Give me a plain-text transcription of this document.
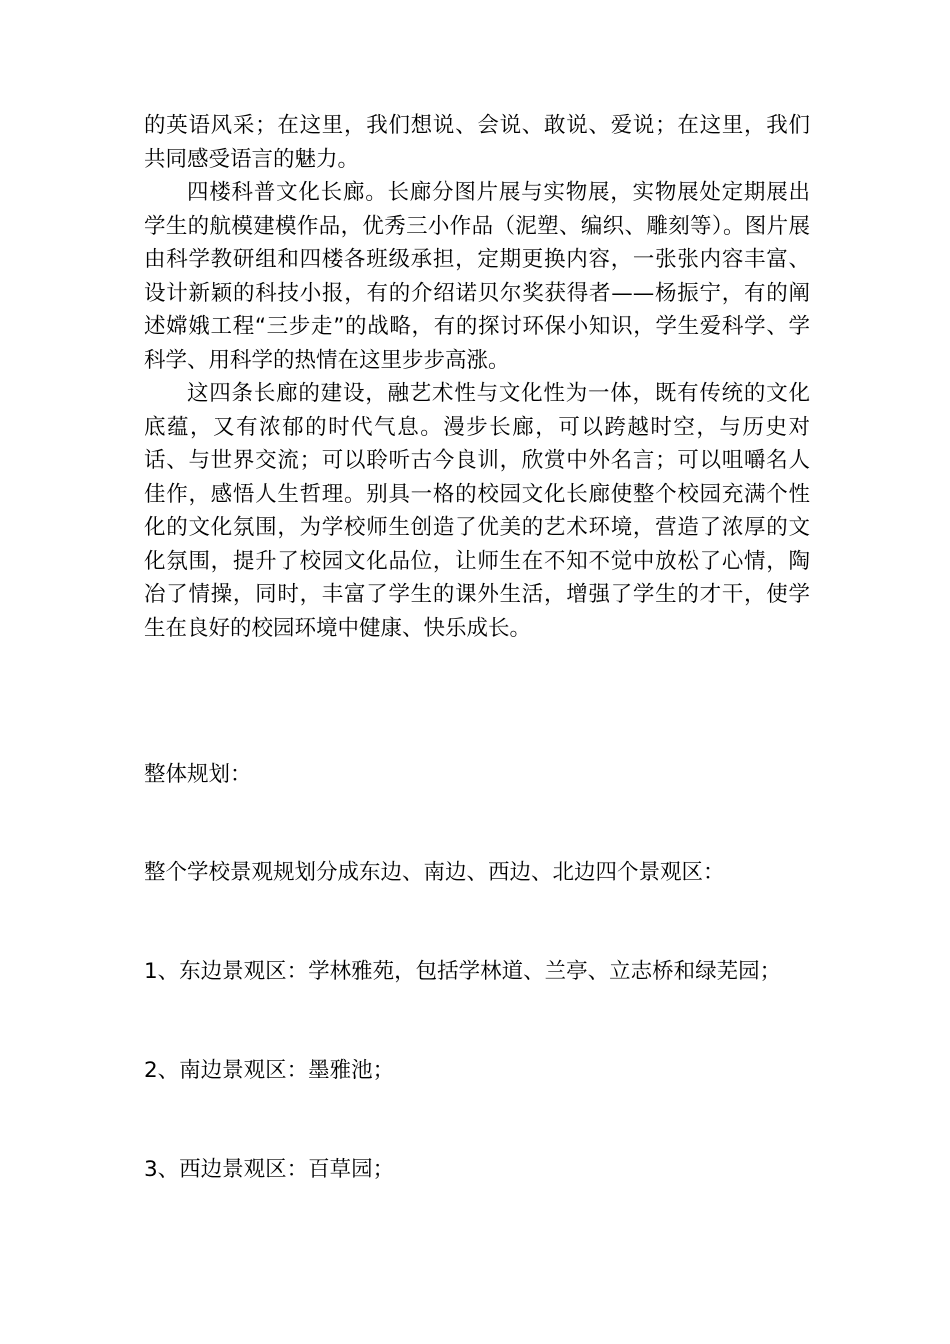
的英语风采；在这里，我们想说、会说、敢说、爱说；在这里，我们共同感受语言的魅力。

四楼科普文化长廊。长廊分图片展与实物展，实物展处定期展出学生的航模建模作品，优秀三小作品（泥塑、编织、雕刻等）。图片展由科学教研组和四楼各班级承担，定期更换内容，一张张内容丰富、设计新颖的科技小报，有的介绍诺贝尔奖获得者——杨振宁，有的阐述嫦娥工程“三步走”的战略，有的探讨环保小知识，学生爱科学、学科学、用科学的热情在这里步步高涨。

这四条长廊的建设，融艺术性与文化性为一体，既有传统的文化底蕴，又有浓郁的时代气息。漫步长廊，可以跨越时空，与历史对话、与世界交流；可以聆听古今良训，欣赏中外名言；可以咀嚼名人佳作，感悟人生哲理。别具一格的校园文化长廊使整个校园充满个性化的文化氛围，为学校师生创造了优美的艺术环境，营造了浓厚的文化氛围，提升了校园文化品位，让师生在不知不觉中放松了心情，陶冶了情操，同时，丰富了学生的课外生活，增强了学生的才干，使学生在良好的校园环境中健康、快乐成长。

整体规划：

整个学校景观规划分成东边、南边、西边、北边四个景观区：

1、东边景观区：学林雅苑，包括学林道、兰亭、立志桥和绿芜园；

2、南边景观区：墨雅池；

3、西边景观区：百草园；
